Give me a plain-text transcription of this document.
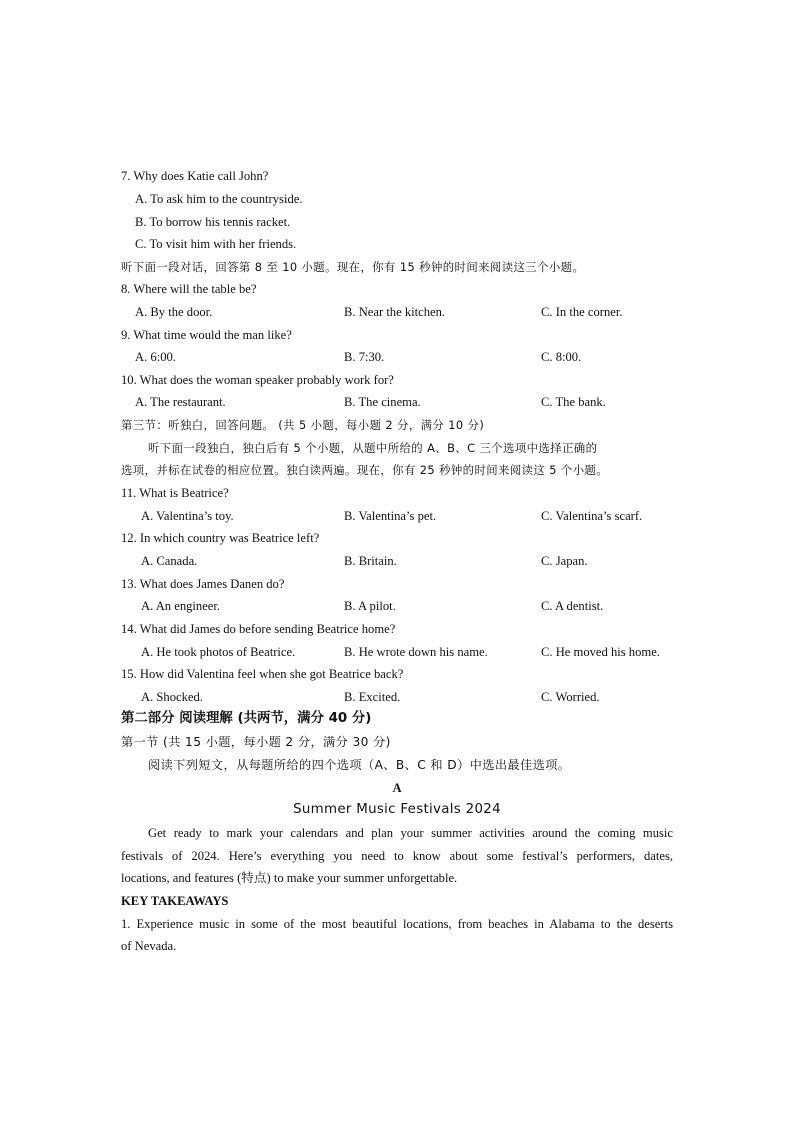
7. Why does Katie call John?
A. To ask him to the countryside.
B. To borrow his tennis racket.
C. To visit him with her friends.
听下面一段对话，回答第 8 至 10 小题。现在，你有 15 秒钟的时间来阅读这三个小题。
8. Where will the table be?
A. By the door.	B. Near the kitchen.	C. In the corner.
9. What time would the man like?
A. 6:00.	B. 7:30.	C. 8:00.
10. What does the woman speaker probably work for?
A. The restaurant.	B. The cinema.	C. The bank.
第三节：听独白，回答问题。 (共 5 小题，每小题 2 分，满分 10 分)
听下面一段独白，独白后有 5 个小题，从题中所给的 A、B、C 三个选项中选择正确的
选项，并标在试卷的相应位置。独白读两遍。现在，你有 25 秒钟的时间来阅读这 5 个小题。
11. What is Beatrice?
A. Valentina’s toy.	B. Valentina’s pet.	C. Valentina’s scarf.
12. In which country was Beatrice left?
A. Canada.	B. Britain.	C. Japan.
13. What does James Danen do?
A. An engineer.	B. A pilot.	C. A dentist.
14. What did James do before sending Beatrice home?
A. He took photos of Beatrice.	B. He wrote down his name.	C. He moved his home.
15. How did Valentina feel when she got Beatrice back?
A. Shocked.	B. Excited.	C. Worried.
第二部分 阅读理解 (共两节，满分 40 分)
第一节 (共 15 小题，每小题 2 分，满分 30 分)
阅读下列短文，从每题所给的四个选项（A、B、C 和 D）中选出最佳选项。
A
Summer Music Festivals 2024
Get ready to mark your calendars and plan your summer activities around the coming music
festivals of 2024. Here’s everything you need to know about some festival’s performers, dates,
locations, and features (特点) to make your summer unforgettable.
KEY TAKEAWAYS
1. Experience music in some of the most beautiful locations, from beaches in Alabama to the deserts
of Nevada.
